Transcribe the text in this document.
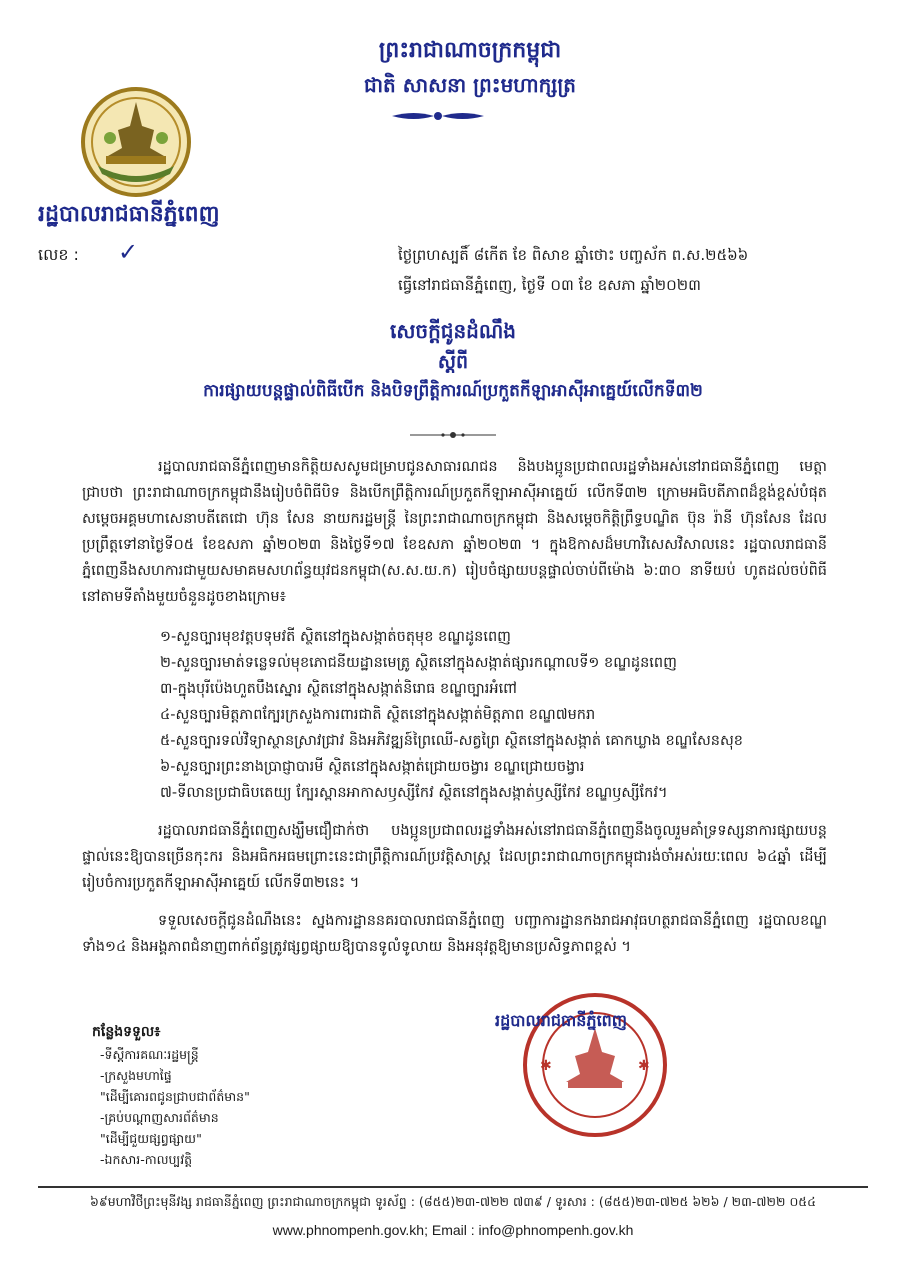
ព្រះរាជាណាចក្រកម្ពុជា
ជាតិ សាសនា ព្រះមហាក្សត្រ
រដ្ឋបាលរាជធានីភ្នំពេញ
លេខ : ✓	ថ្ងៃព្រហស្បតិ៍ ៨កើត ខែ ពិសាខ ឆ្នាំថោះ បញ្ចស័ក ព.ស.២៥៦៦
ធ្វើនៅរាជធានីភ្នំពេញ, ថ្ងៃទី ០៣ ខែ ឧសភា ឆ្នាំ២០២៣
សេចក្ដីជូនដំណឹង
ស្ដីពី
ការផ្សាយបន្តផ្ទាល់ពិធីបើក និងបិទព្រឹត្តិការណ៍ប្រកួតកីឡាអាស៊ីអាគ្នេយ៍លើកទី៣២
រដ្ឋបាលរាជធានីភ្នំពេញមានកិត្តិយសសូមជម្រាបជូនសាធារណជន និងបងប្អូនប្រជាពលរដ្ឋទាំងអស់នៅរាជធានីភ្នំពេញ មេត្តាជ្រាបថា ព្រះរាជាណាចក្រកម្ពុជានឹងរៀបចំពិធីបិទ និងបើកព្រឹត្តិការណ៍ប្រកួតកីឡាអាស៊ីអាគ្នេយ៍ លើកទី៣២ ក្រោមអធិបតីភាពដ៏ខ្ពង់ខ្ពស់បំផុត សម្ដេចអគ្គមហាសេនាបតីតេជោ ហ៊ុន សែន នាយករដ្ឋមន្ត្រី នៃព្រះរាជាណាចក្រកម្ពុជា និងសម្ដេចកិត្តិព្រឹទ្ធបណ្ឌិត ប៊ុន រ៉ានី ហ៊ុនសែន ដែលប្រព្រឹត្តទៅនាថ្ងៃទី០៥ ខែឧសភា ឆ្នាំ២០២៣ និងថ្ងៃទី១៧ ខែឧសភា ឆ្នាំ២០២៣ ។ ក្នុងឱកាសដ៏មហាវិសេសវិសាលនេះ រដ្ឋបាលរាជធានីភ្នំពេញនឹងសហការជាមួយសមាគមសហព័ន្ធយុវជនកម្ពុជា(ស.ស.យ.ក) រៀបចំផ្សាយបន្តផ្ទាល់ចាប់ពីម៉ោង ៦:៣០ នាទីយប់ ហូតដល់ចប់ពិធី នៅតាមទីតាំងមួយចំនួនដូចខាងក្រោម៖
១-សួនច្បារមុខវត្តបទុមវតី ស្ថិតនៅក្នុងសង្កាត់ចតុមុខ ខណ្ឌដូនពេញ
២-សួនច្បារមាត់ទន្លេទល់មុខភោជនីយដ្ឋានមេត្រូ ស្ថិតនៅក្នុងសង្កាត់ផ្សារកណ្ដាលទី១ ខណ្ឌដូនពេញ
៣-ក្នុងបុរីប៉េងហួតបឹងស្នោរ ស្ថិតនៅក្នុងសង្កាត់និរោធ ខណ្ឌច្បារអំពៅ
៤-សួនច្បារមិត្តភាពក្បែរក្រសួងការពារជាតិ ស្ថិតនៅក្នុងសង្កាត់មិត្តភាព ខណ្ឌ៧មករា
៥-សួនច្បារទល់វិទ្យាស្ថានស្រាវជ្រាវ និងអភិវឌ្ឍន៍ព្រៃឈើ-សត្វព្រៃ ស្ថិតនៅក្នុងសង្កាត់ គោកឃ្លាង ខណ្ឌសែនសុខ
៦-សួនច្បារព្រះនាងប្រាជ្ញាបារមី ស្ថិតនៅក្នុងសង្កាត់ជ្រោយចង្វារ ខណ្ឌជ្រោយចង្វារ
៧-ទីលានប្រជាធិបតេយ្យ ក្បែរស្ពានអាកាសឫស្សីកែវ ស្ថិតនៅក្នុងសង្កាត់ឫស្សីកែវ ខណ្ឌឫស្សីកែវ។
រដ្ឋបាលរាជធានីភ្នំពេញសង្ឃឹមជឿជាក់ថា បងប្អូនប្រជាពលរដ្ឋទាំងអស់នៅរាជធានីភ្នំពេញនឹងចូលរួមគាំទ្រទស្សនាការផ្សាយបន្តផ្ទាល់នេះឱ្យបានច្រើនកុះករ និងអធិកអធមព្រោះនេះជាព្រឹត្តិការណ៍ប្រវត្តិសាស្ត្រ ដែលព្រះរាជាណាចក្រកម្ពុជារង់ចាំអស់រយៈពេល ៦៤ឆ្នាំ ដើម្បីរៀបចំការប្រកួតកីឡាអាស៊ីអាគ្នេយ៍ លើកទី៣២នេះ ។
ទទួលសេចក្ដីជូនដំណឹងនេះ ស្នងការដ្ឋាននគរបាលរាជធានីភ្នំពេញ បញ្ជាការដ្ឋានកងរាជអាវុធហត្ថរាជធានីភ្នំពេញ រដ្ឋបាលខណ្ឌទាំង១៤ និងអង្គភាពជំនាញពាក់ព័ន្ធត្រូវផ្សព្វផ្សាយឱ្យបានទូលំទូលាយ និងអនុវត្តឱ្យមានប្រសិទ្ធភាពខ្ពស់ ។
✱	✱
រដ្ឋបាលរាជធានីភ្នំពេញ
កន្លែងទទួល៖
-ទីស្ដីការគណៈរដ្ឋមន្ត្រី
-ក្រសួងមហាផ្ទៃ
"ដើម្បីគោរពជូនជ្រាបជាព័ត៌មាន"
-គ្រប់បណ្ដាញសារព័ត៌មាន
"ដើម្បីជួយផ្សព្វផ្សាយ"
-ឯកសារ-កាលប្បវត្តិ
៦៩មហាវិថីព្រះមុនីវង្ស រាជធានីភ្នំពេញ ព្រះរាជាណាចក្រកម្ពុជា ទូរស័ព្ទ : (៨៥៥)២៣-៧២២ ៧៣៩ / ទូរសារ : (៨៥៥)២៣-៧២៥ ៦២៦ / ២៣-៧២២ ០៥៤
www.phnompenh.gov.kh; Email : info@phnompenh.gov.kh
